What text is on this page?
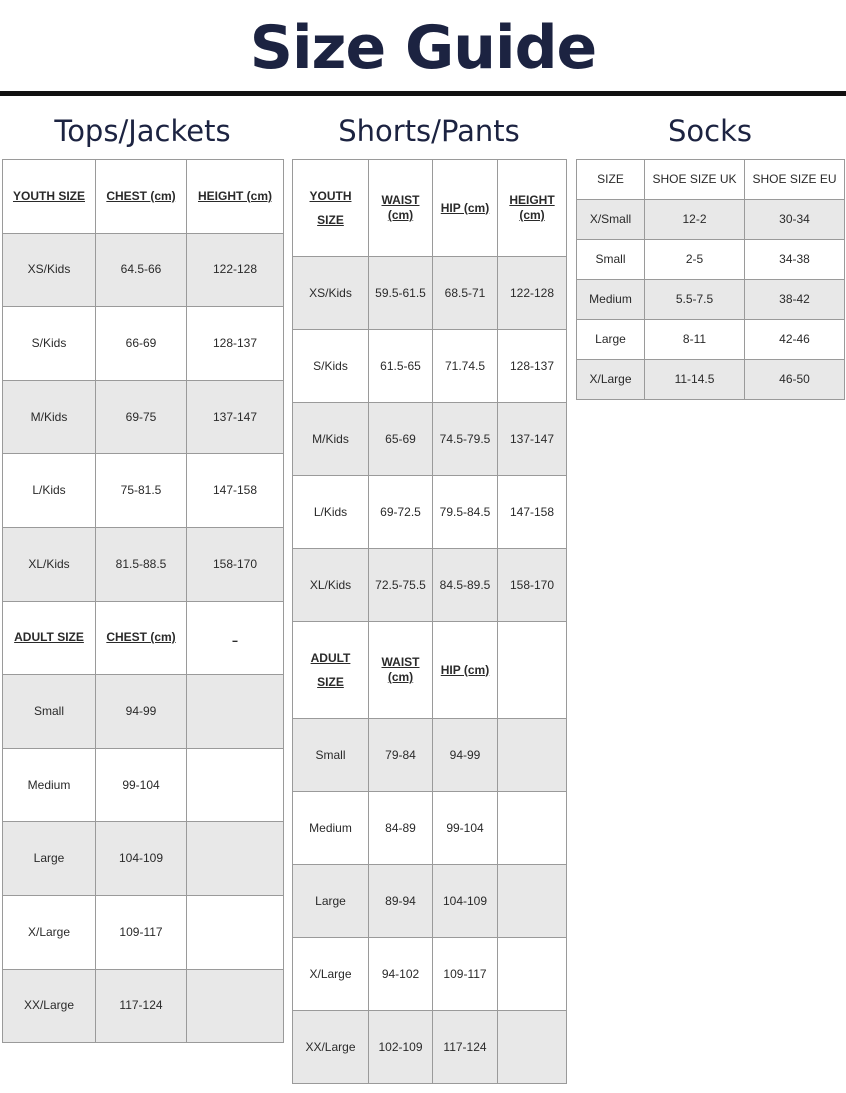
Size Guide
Tops/Jackets
YOUTH SIZE	CHEST (cm)	HEIGHT (cm)
XS/Kids	64.5-66	122-128
S/Kids	66-69	128-137
M/Kids	69-75	137-147
L/Kids	75-81.5	147-158
XL/Kids	81.5-88.5	158-170
ADULT SIZE	CHEST (cm)	_
Small	94-99	
Medium	99-104	
Large	104-109	
X/Large	109-117	
XX/Large	117-124	
Shorts/Pants
YOUTH SIZE	WAIST (cm)	HIP (cm)	HEIGHT (cm)
XS/Kids	59.5-61.5	68.5-71	122-128
S/Kids	61.5-65	71.74.5	128-137
M/Kids	65-69	74.5-79.5	137-147
L/Kids	69-72.5	79.5-84.5	147-158
XL/Kids	72.5-75.5	84.5-89.5	158-170
ADULT SIZE	WAIST (cm)	HIP (cm)	
Small	79-84	94-99	
Medium	84-89	99-104	
Large	89-94	104-109	
X/Large	94-102	109-117	
XX/Large	102-109	117-124	
Socks
SIZE	SHOE SIZE UK	SHOE SIZE EU
X/Small	12-2	30-34
Small	2-5	34-38
Medium	5.5-7.5	38-42
Large	8-11	42-46
X/Large	11-14.5	46-50
